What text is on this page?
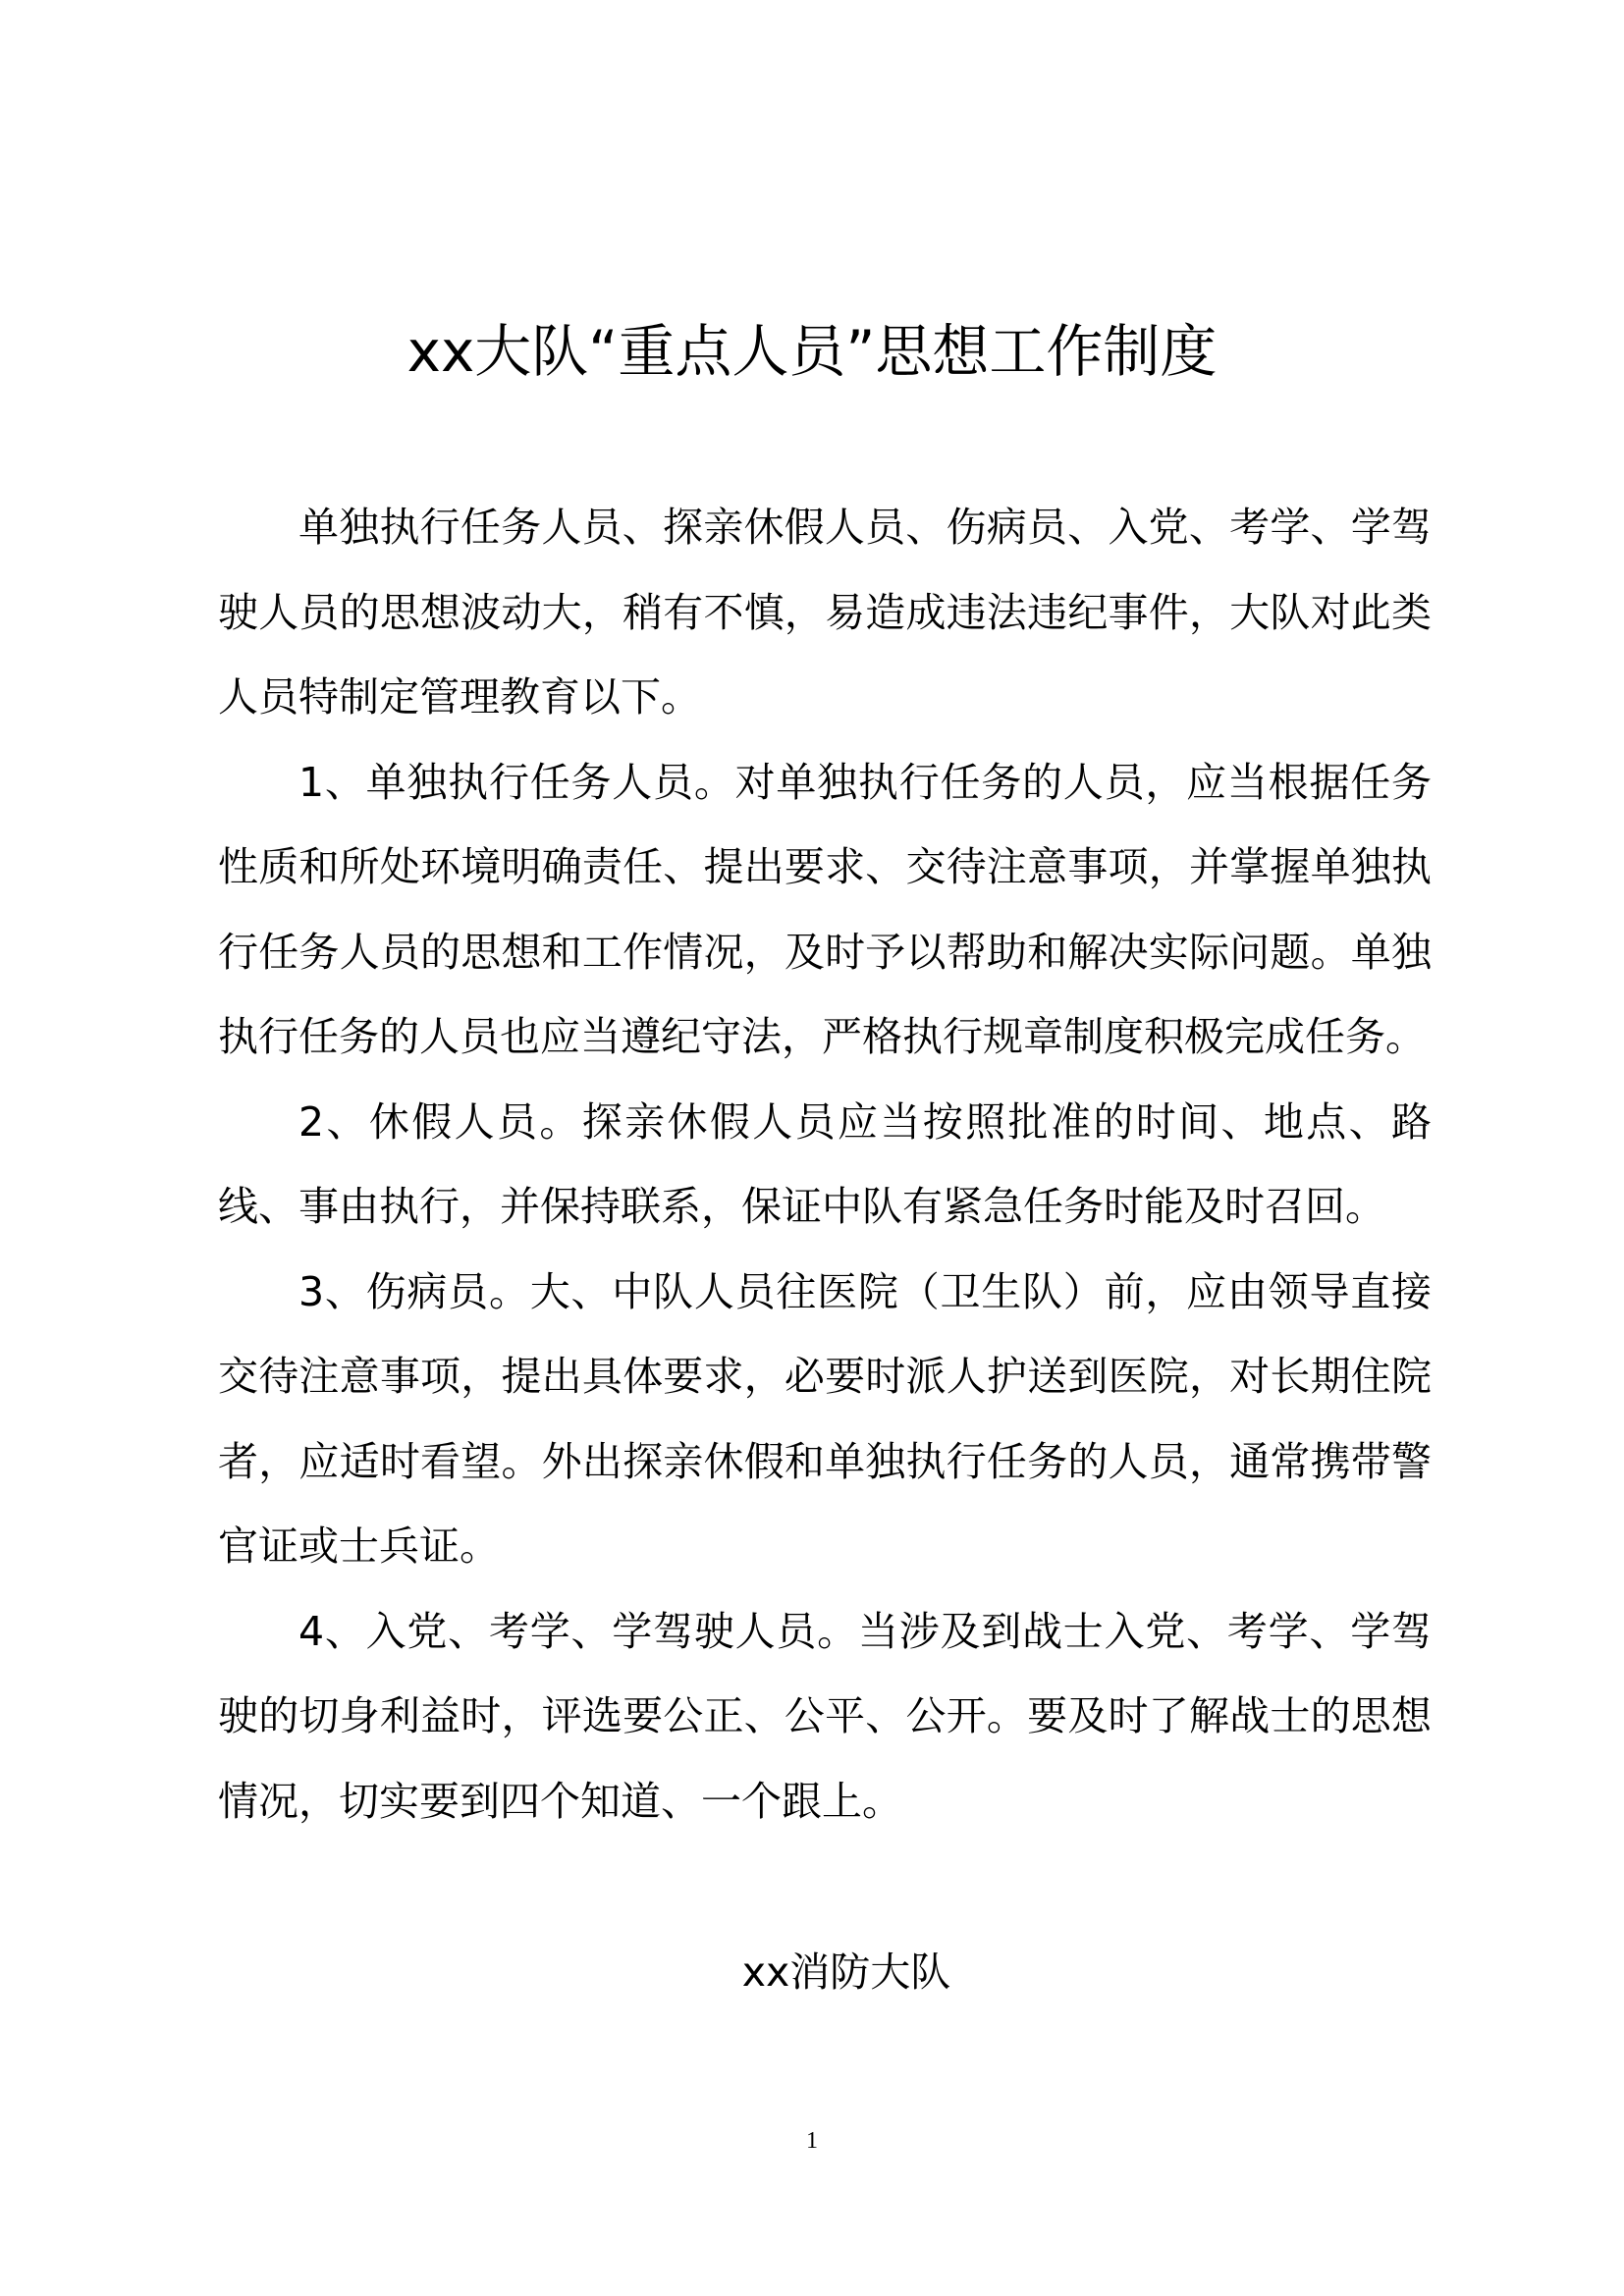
xx大队“重点人员”思想工作制度

单独执行任务人员、探亲休假人员、伤病员、入党、考学、学驾驶人员的思想波动大，稍有不慎，易造成违法违纪事件，大队对此类人员特制定管理教育以下。

1、单独执行任务人员。对单独执行任务的人员，应当根据任务性质和所处环境明确责任、提出要求、交待注意事项，并掌握单独执行任务人员的思想和工作情况，及时予以帮助和解决实际问题。单独执行任务的人员也应当遵纪守法，严格执行规章制度积极完成任务。

2、休假人员。探亲休假人员应当按照批准的时间、地点、路线、事由执行，并保持联系，保证中队有紧急任务时能及时召回。

3、伤病员。大、中队人员往医院（卫生队）前，应由领导直接交待注意事项，提出具体要求，必要时派人护送到医院，对长期住院者，应适时看望。外出探亲休假和单独执行任务的人员，通常携带警官证或士兵证。

4、入党、考学、学驾驶人员。当涉及到战士入党、考学、学驾驶的切身利益时，评选要公正、公平、公开。要及时了解战士的思想情况，切实要到四个知道、一个跟上。

xx消防大队
1
